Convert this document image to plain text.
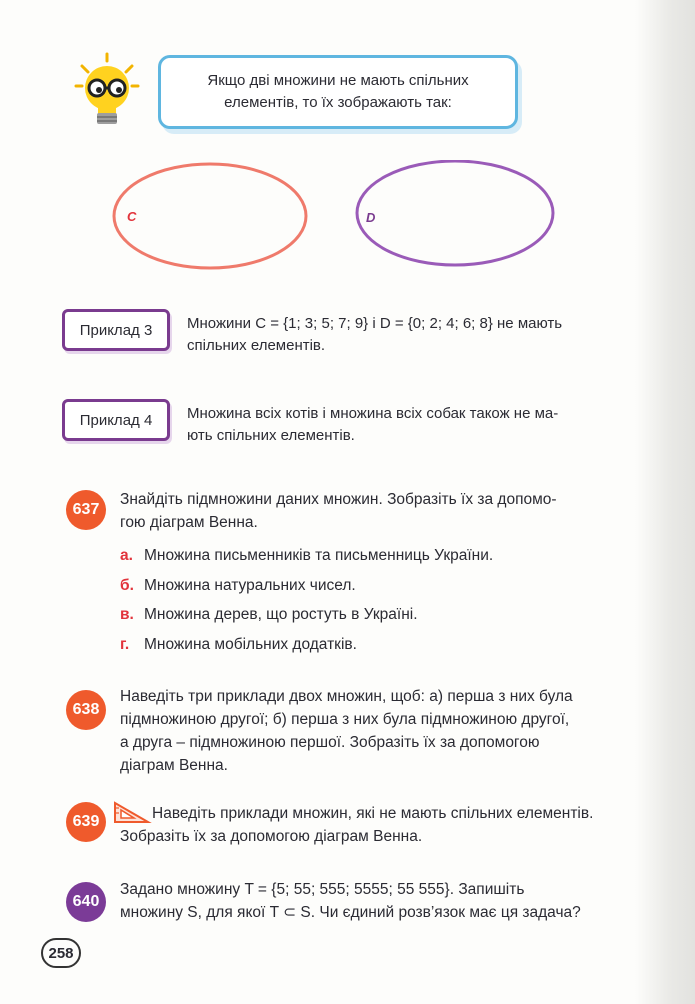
Якщо дві множини не мають спільних
елементів, то їх зображають так:
C	D
Приклад 3 Множини C = {1; 3; 5; 7; 9} і D = {0; 2; 4; 6; 8} не мають
спільних елементів.
Приклад 4 Множина всіх котів і множина всіх собак також не ма-
ють спільних елементів.
637
Знайдіть підмножини даних множин. Зобразіть їх за допомо-
гою діаграм Венна.
а. Множина письменників та письменниць України.
б. Множина натуральних чисел.
в. Множина дерев, що ростуть в Україні.
г. Множина мобільних додатків.
638
Наведіть три приклади двох множин, щоб: а) перша з них була
підмножиною другої; б) перша з них була підмножиною другої,
а друга – підмножиною першої. Зобразіть їх за допомогою
діаграм Венна.
639	Наведіть приклади множин, які не мають спільних елементів.
Зобразіть їх за допомогою діаграм Венна.
640
Задано множину T = {5; 55; 555; 5555; 55 555}. Запишіть
множину S, для якої T ⊂ S. Чи єдиний розв’язок має ця задача?
258
